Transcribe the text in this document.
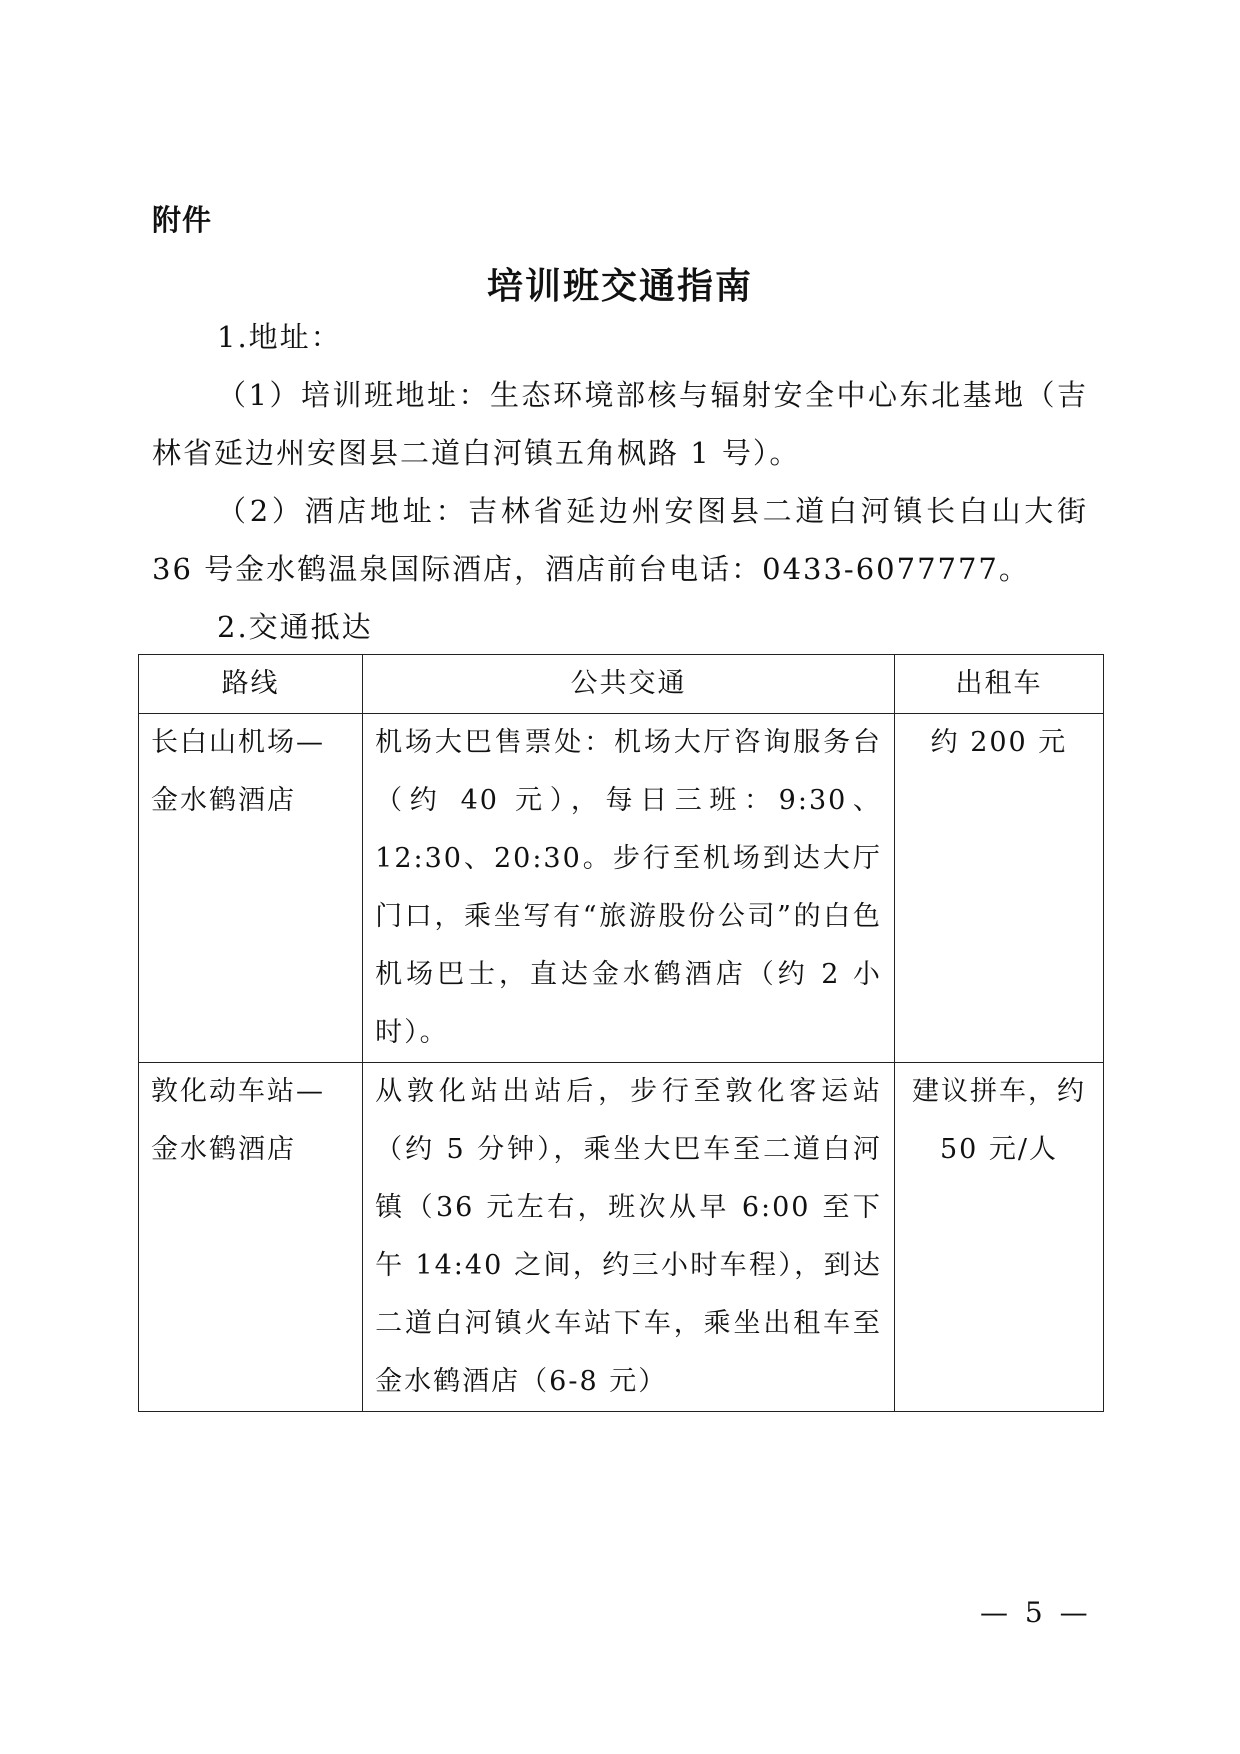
附件
培训班交通指南
1.地址：
（1）培训班地址：生态环境部核与辐射安全中心东北基地（吉林省延边州安图县二道白河镇五角枫路 1 号）。
（2）酒店地址：吉林省延边州安图县二道白河镇长白山大街 36 号金水鹤温泉国际酒店，酒店前台电话：0433-6077777。
2.交通抵达
路线	公共交通	出租车

长白山机场—
金水鹤酒店	机场大巴售票处：机场大厅咨询服务台（约 40 元），每日三班：9:30、12:30、20:30。步行至机场到达大厅门口，乘坐写有“旅游股份公司”的白色机场巴士，直达金水鹤酒店（约 2 小时）。	约 200 元

敦化动车站—
金水鹤酒店	从敦化站出站后，步行至敦化客运站（约 5 分钟），乘坐大巴车至二道白河镇（36 元左右，班次从早 6:00 至下午 14:40 之间，约三小时车程），到达二道白河镇火车站下车，乘坐出租车至金水鹤酒店（6-8 元）	建议拼车，约 50 元/人
— 5 —
